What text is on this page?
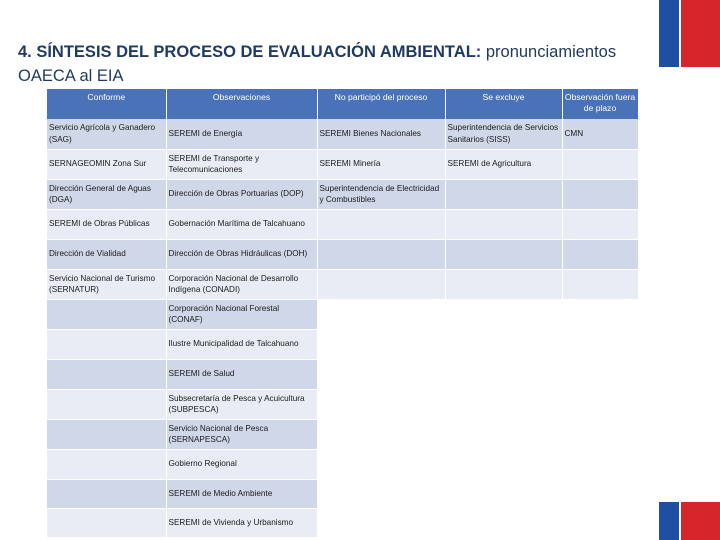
4. SÍNTESIS DEL PROCESO DE EVALUACIÓN AMBIENTAL: pronunciamientos OAECA al EIA
Conforme	Observaciones	No participó del proceso	Se excluye	Observación fuera de plazo
Servicio Agrícola y Ganadero (SAG)	SEREMI de Energía	SEREMI Bienes Nacionales	Superintendencia de Servicios Sanitarios (SISS)	CMN
SERNAGEOMIN Zona Sur	SEREMI de Transporte y Telecomunicaciones	SEREMI Minería	SEREMI de Agricultura	
Dirección General de Aguas (DGA)	Dirección de Obras Portuarias (DOP)	Superintendencia de Electricidad y Combustibles		
SEREMI de Obras Públicas	Gobernación Marítima de Talcahuano			
Dirección de Vialidad	Dirección de Obras Hidráulicas (DOH)			
Servicio Nacional de Turismo (SERNATUR)	Corporación Nacional de Desarrollo Indígena (CONADI)			
	Corporación Nacional Forestal (CONAF)			
	Ilustre Municipalidad de Talcahuano			
	SEREMI de Salud			
	Subsecretaría de Pesca y Acuicultura (SUBPESCA)			
	Servicio Nacional de Pesca (SERNAPESCA)			
	Gobierno Regional			
	SEREMI de Medio Ambiente			
	SEREMI de Vivienda y Urbanismo			
